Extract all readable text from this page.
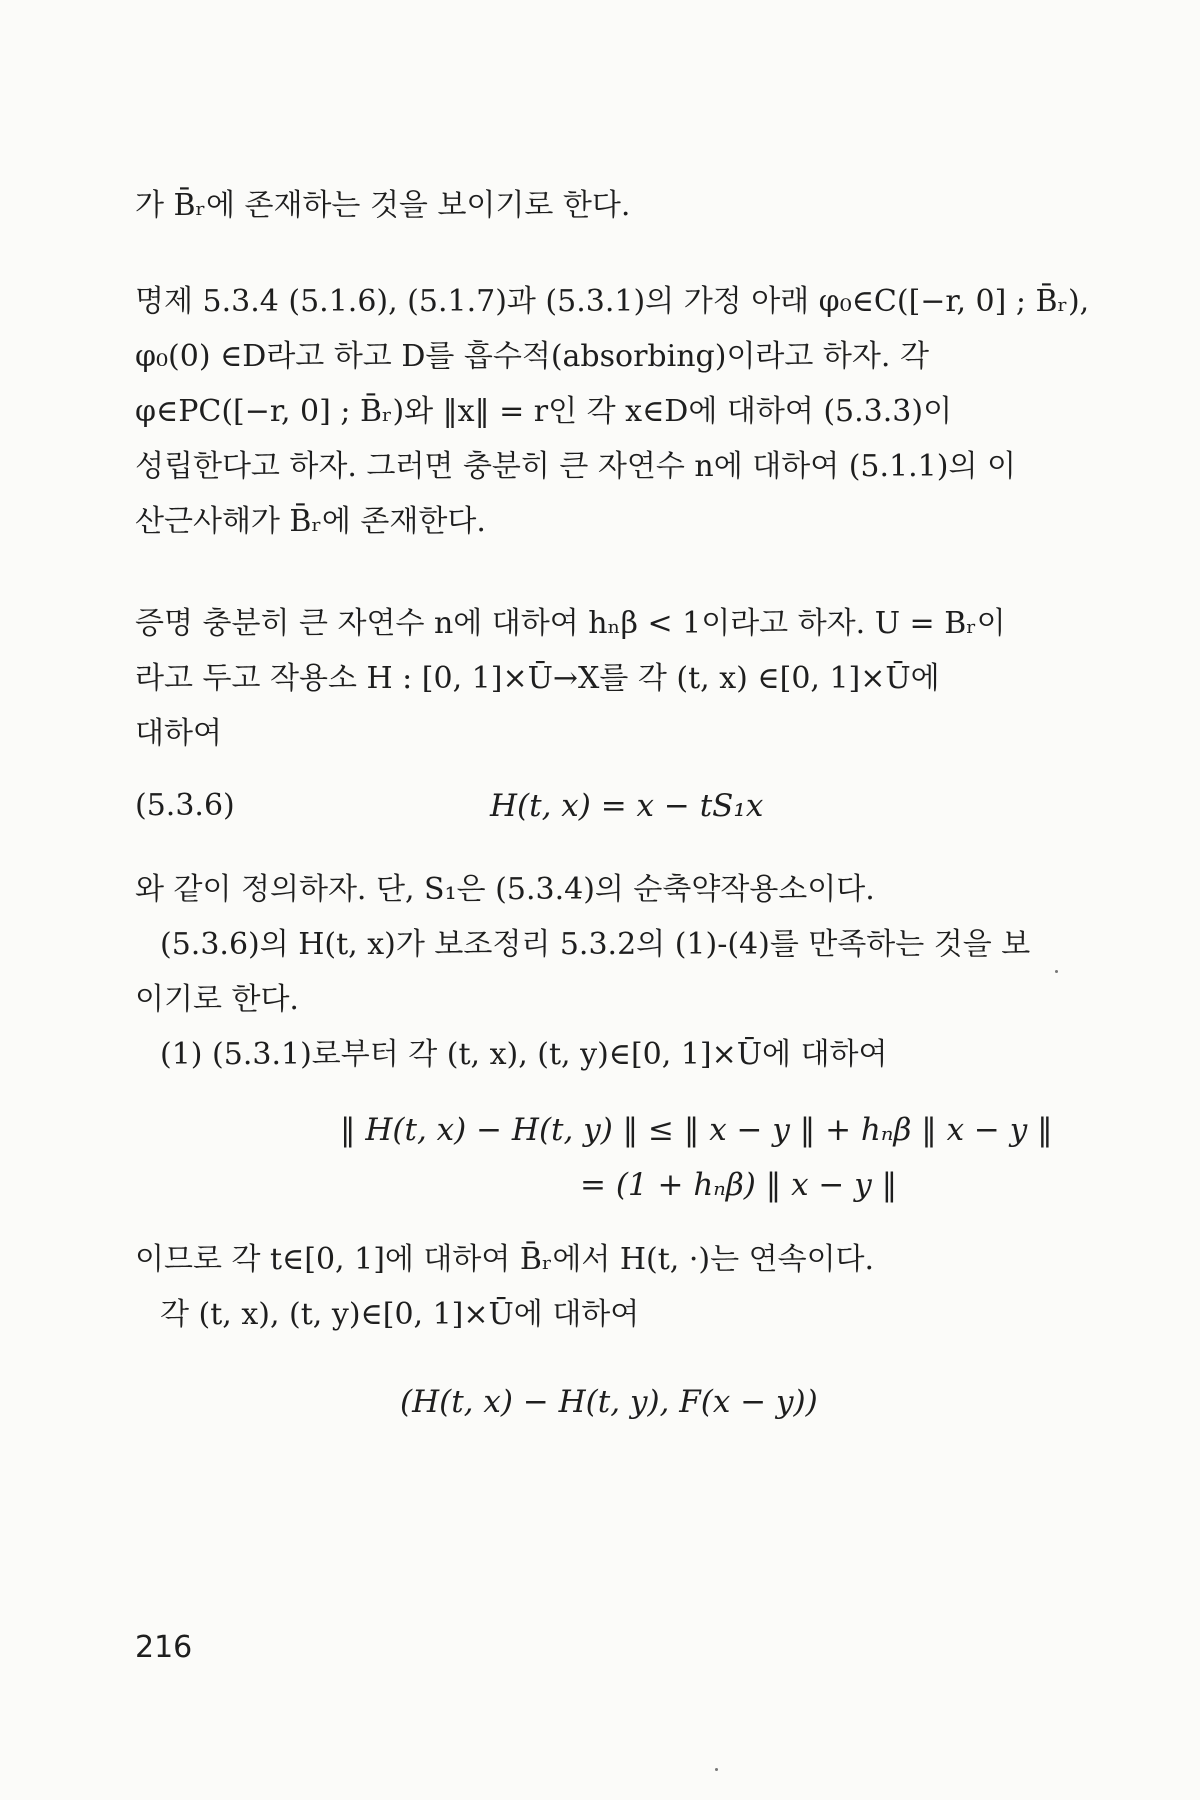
가 B̄ᵣ에 존재하는 것을 보이기로 한다.
명제 5.3.4 (5.1.6), (5.1.7)과 (5.3.1)의 가정 아래 φ₀∈C([−r, 0] ; B̄ᵣ),
φ₀(0) ∈D라고 하고 D를 흡수적(absorbing)이라고 하자. 각
φ∈PC([−r, 0] ; B̄ᵣ)와 ‖x‖ = r인 각 x∈D에 대하여 (5.3.3)이
성립한다고 하자. 그러면 충분히 큰 자연수 n에 대하여 (5.1.1)의 이
산근사해가 B̄ᵣ에 존재한다.
증명 충분히 큰 자연수 n에 대하여 hₙβ < 1이라고 하자. U = Bᵣ이
라고 두고 작용소 H : [0, 1]×Ū→X를 각 (t, x) ∈[0, 1]×Ū에
대하여
(5.3.6)	H(t, x) = x − tS₁x
와 같이 정의하자. 단, S₁은 (5.3.4)의 순축약작용소이다.
(5.3.6)의 H(t, x)가 보조정리 5.3.2의 (1)-(4)를 만족하는 것을 보
이기로 한다.
(1) (5.3.1)로부터 각 (t, x), (t, y)∈[0, 1]×Ū에 대하여
‖ H(t, x) − H(t, y) ‖ ≤ ‖ x − y ‖ + hₙβ ‖ x − y ‖
= (1 + hₙβ) ‖ x − y ‖
이므로 각 t∈[0, 1]에 대하여 B̄ᵣ에서 H(t, ·)는 연속이다.
각 (t, x), (t, y)∈[0, 1]×Ū에 대하여
(H(t, x) − H(t, y), F(x − y))
216
